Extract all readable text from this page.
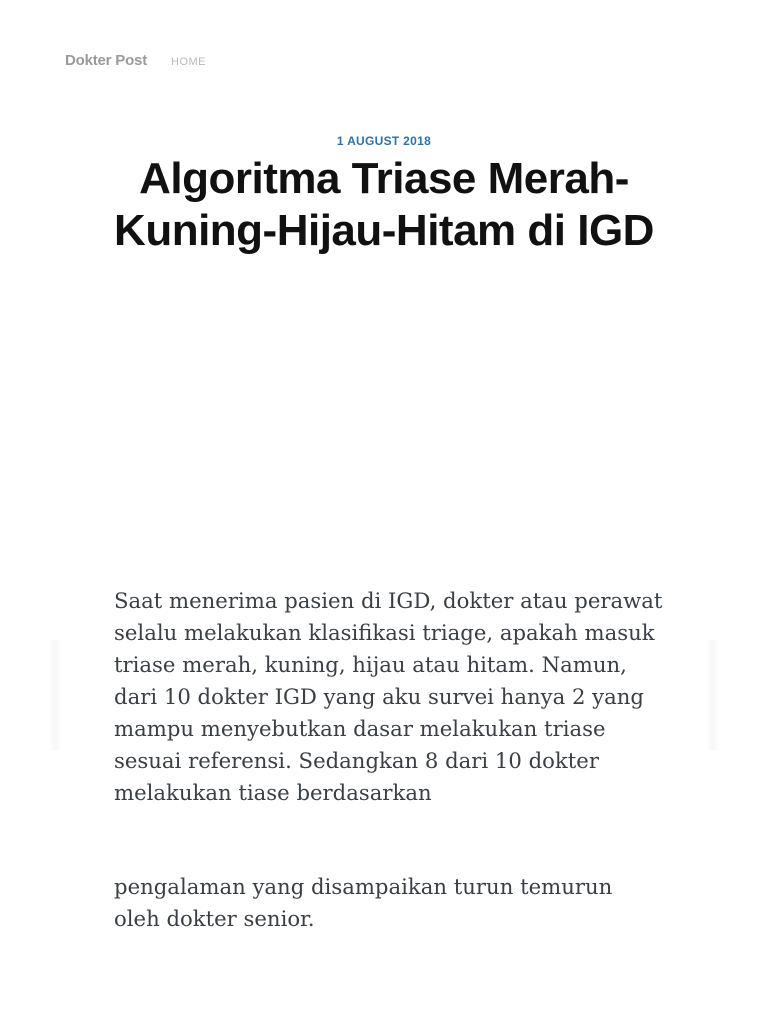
Dokter Post HOME
1 AUGUST 2018
Algoritma Triase Merah-Kuning-Hijau-Hitam di IGD

Saat menerima pasien di IGD, dokter atau perawat selalu melakukan klasifikasi triage, apakah masuk triase merah, kuning, hijau atau hitam. Namun, dari 10 dokter IGD yang aku survei hanya 2 yang mampu menyebutkan dasar melakukan triase sesuai referensi. Sedangkan 8 dari 10 dokter melakukan tiase berdasarkan

pengalaman yang disampaikan turun temurun oleh dokter senior.
